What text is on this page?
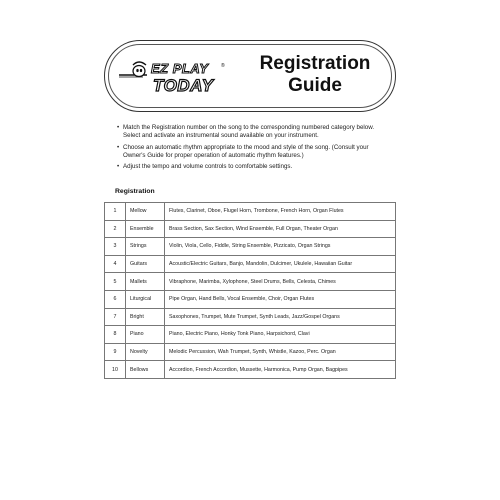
EZ PLAY
TODAY
® Registration
Guide
• Match the Registration number on the song to the corresponding numbered category below. Select and activate an instrumental sound available on your instrument.
• Choose an automatic rhythm appropriate to the mood and style of the song. (Consult your Owner's Guide for proper operation of automatic rhythm features.)
• Adjust the tempo and volume controls to comfortable settings.
Registration
1	Mellow	Flutes, Clarinet, Oboe, Flugel Horn, Trombone, French Horn, Organ Flutes
2	Ensemble	Brass Section, Sax Section, Wind Ensemble, Full Organ, Theater Organ
3	Strings	Violin, Viola, Cello, Fiddle, String Ensemble, Pizzicato, Organ Strings
4	Guitars	Acoustic/Electric Guitars, Banjo, Mandolin, Dulcimer, Ukulele, Hawaiian Guitar
5	Mallets	Vibraphone, Marimba, Xylophone, Steel Drums, Bells, Celesta, Chimes
6	Liturgical	Pipe Organ, Hand Bells, Vocal Ensemble, Choir, Organ Flutes
7	Bright	Saxophones, Trumpet, Mute Trumpet, Synth Leads, Jazz/Gospel Organs
8	Piano	Piano, Electric Piano, Honky Tonk Piano, Harpsichord, Clavi
9	Novelty	Melodic Percussion, Wah Trumpet, Synth, Whistle, Kazoo, Perc. Organ
10	Bellows	Accordion, French Accordion, Mussette, Harmonica, Pump Organ, Bagpipes
